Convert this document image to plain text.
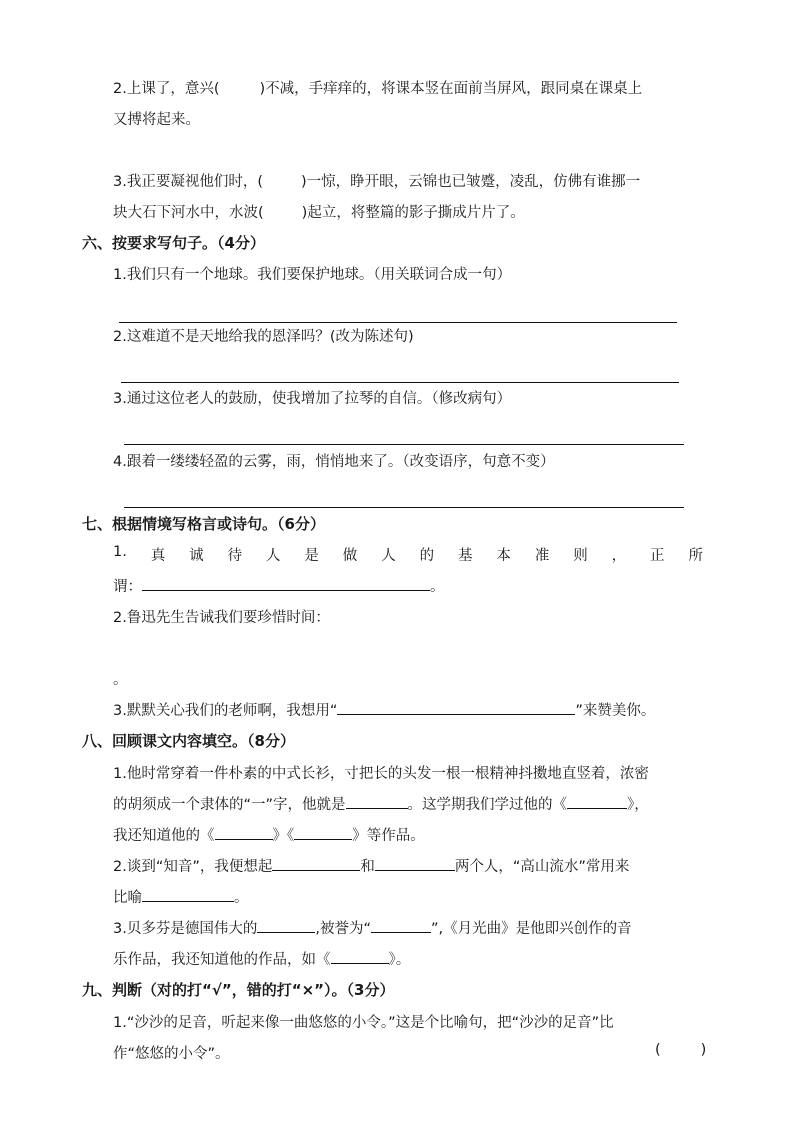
2.上课了，意兴(	)不减，手痒痒的，将课本竖在面前当屏风，跟同桌在课桌上
又搏将起来。
3.我正要凝视他们时，(	)一惊，睁开眼，云锦也已皱蹙，凌乱，仿佛有谁挪一
块大石下河水中，水波(	)起立，将整篇的影子撕成片片了。
六、按要求写句子。（4分）
1.我们只有一个地球。我们要保护地球。（用关联词合成一句）
2.这难道不是天地给我的恩泽吗？(改为陈述句)
3.通过这位老人的鼓励，使我增加了拉琴的自信。（修改病句）
4.跟着一缕缕轻盈的云雾，雨，悄悄地来了。（改变语序，句意不变）
七、根据情境写格言或诗句。（6分）
1. 真 诚 待 人 是 做 人 的 基 本 准 则 ， 正 所
谓：	。
2.鲁迅先生告诫我们要珍惜时间：
。
3.默默关心我们的老师啊，我想用“	”来赞美你。
八、回顾课文内容填空。（8分）
1.他时常穿着一件朴素的中式长衫，寸把长的头发一根一根精神抖擞地直竖着，浓密
的胡须成一个隶体的“一”字，他就是	。这学期我们学过他的《	》，
我还知道他的《	》《	》等作品。
2.谈到“知音”，我便想起	和	两个人，“高山流水”常用来
比喻	。
3.贝多芬是德国伟大的	,被誉为“	”,《月光曲》是他即兴创作的音
乐作品，我还知道他的作品，如《	》。
九、判断（对的打“√”，错的打“×”）。（3分）
1.“沙沙的足音，听起来像一曲悠悠的小令。”这是个比喻句，把“沙沙的足音”比
作“悠悠的小令”。	(	)
